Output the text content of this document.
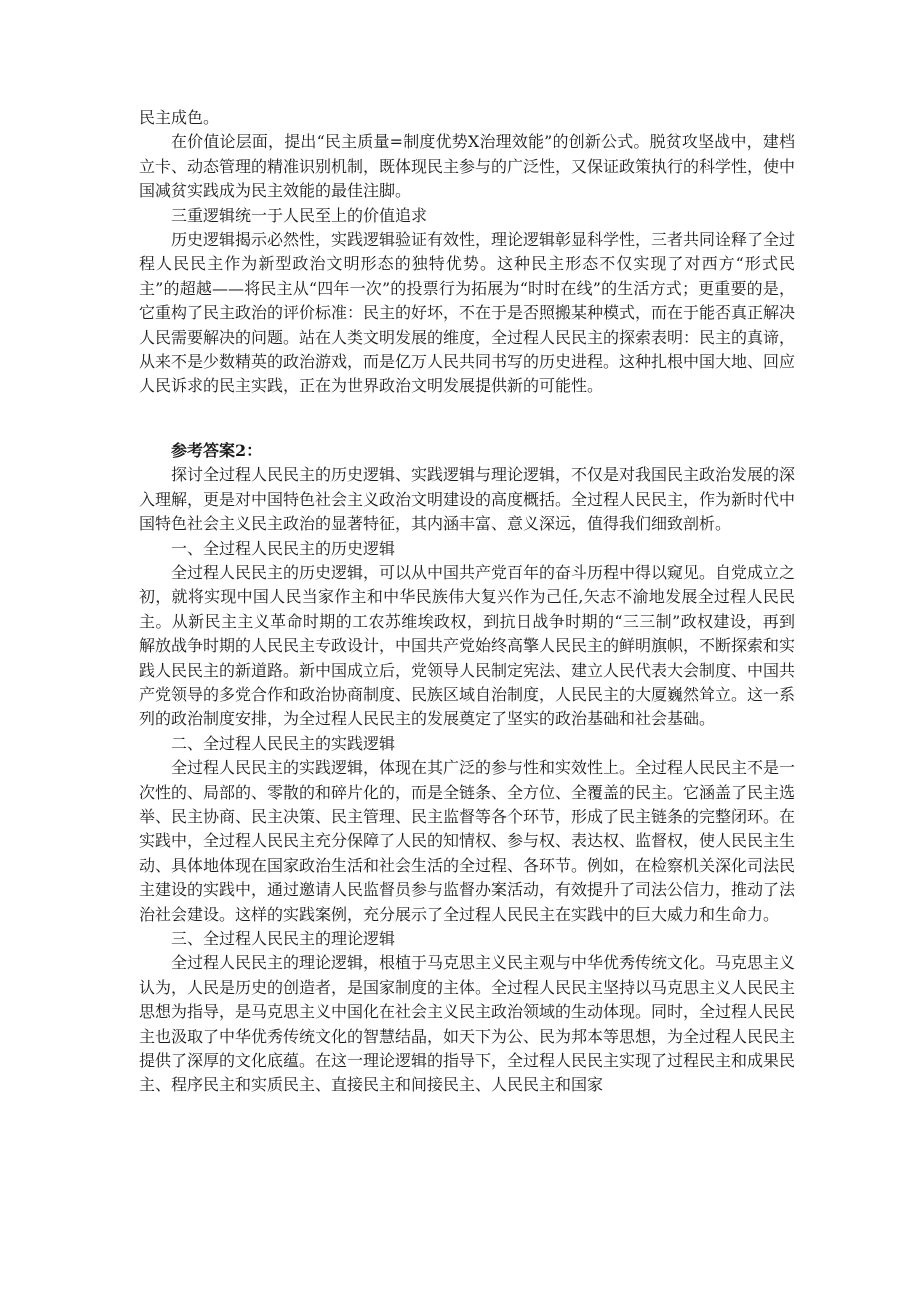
民主成色。

在价值论层面，提出“民主质量=制度优势X治理效能”的创新公式。脱贫攻坚战中，建档立卡、动态管理的精准识别机制，既体现民主参与的广泛性，又保证政策执行的科学性，使中国减贫实践成为民主效能的最佳注脚。

三重逻辑统一于人民至上的价值追求

历史逻辑揭示必然性，实践逻辑验证有效性，理论逻辑彰显科学性，三者共同诠释了全过程人民民主作为新型政治文明形态的独特优势。这种民主形态不仅实现了对西方“形式民主”的超越——将民主从“四年一次”的投票行为拓展为“时时在线”的生活方式；更重要的是，它重构了民主政治的评价标准：民主的好坏，不在于是否照搬某种模式，而在于能否真正解决人民需要解决的问题。站在人类文明发展的维度，全过程人民民主的探索表明：民主的真谛，从来不是少数精英的政治游戏，而是亿万人民共同书写的历史进程。这种扎根中国大地、回应人民诉求的民主实践，正在为世界政治文明发展提供新的可能性。

参考答案2：

探讨全过程人民民主的历史逻辑、实践逻辑与理论逻辑，不仅是对我国民主政治发展的深入理解，更是对中国特色社会主义政治文明建设的高度概括。全过程人民民主，作为新时代中国特色社会主义民主政治的显著特征，其内涵丰富、意义深远，值得我们细致剖析。

一、全过程人民民主的历史逻辑

全过程人民民主的历史逻辑，可以从中国共产党百年的奋斗历程中得以窥见。自党成立之初，就将实现中国人民当家作主和中华民族伟大复兴作为己任,矢志不渝地发展全过程人民民主。从新民主主义革命时期的工农苏维埃政权，到抗日战争时期的“三三制”政权建设，再到解放战争时期的人民民主专政设计，中国共产党始终高擎人民民主的鲜明旗帜，不断探索和实践人民民主的新道路。新中国成立后，党领导人民制定宪法、建立人民代表大会制度、中国共产党领导的多党合作和政治协商制度、民族区域自治制度，人民民主的大厦巍然耸立。这一系列的政治制度安排，为全过程人民民主的发展奠定了坚实的政治基础和社会基础。

二、全过程人民民主的实践逻辑

全过程人民民主的实践逻辑，体现在其广泛的参与性和实效性上。全过程人民民主不是一次性的、局部的、零散的和碎片化的，而是全链条、全方位、全覆盖的民主。它涵盖了民主选举、民主协商、民主决策、民主管理、民主监督等各个环节，形成了民主链条的完整闭环。在实践中，全过程人民民主充分保障了人民的知情权、参与权、表达权、监督权，使人民民主生动、具体地体现在国家政治生活和社会生活的全过程、各环节。例如，在检察机关深化司法民主建设的实践中，通过邀请人民监督员参与监督办案活动，有效提升了司法公信力，推动了法治社会建设。这样的实践案例，充分展示了全过程人民民主在实践中的巨大威力和生命力。

三、全过程人民民主的理论逻辑

全过程人民民主的理论逻辑，根植于马克思主义民主观与中华优秀传统文化。马克思主义认为，人民是历史的创造者，是国家制度的主体。全过程人民民主坚持以马克思主义人民民主思想为指导，是马克思主义中国化在社会主义民主政治领域的生动体现。同时，全过程人民民主也汲取了中华优秀传统文化的智慧结晶，如天下为公、民为邦本等思想，为全过程人民民主提供了深厚的文化底蕴。在这一理论逻辑的指导下，全过程人民民主实现了过程民主和成果民主、程序民主和实质民主、直接民主和间接民主、人民民主和国家
